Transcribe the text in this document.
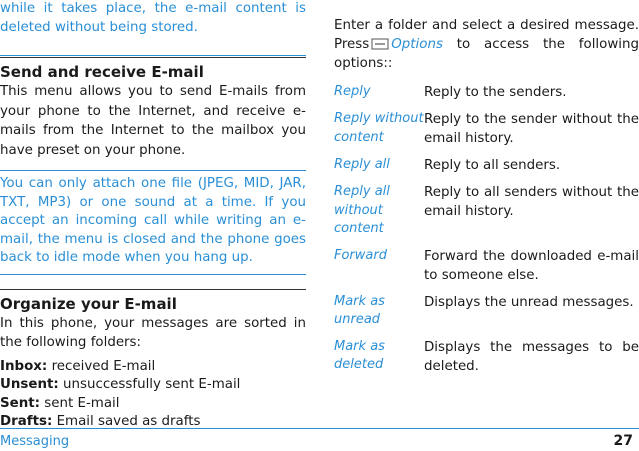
while it takes place, the e-mail content is deleted without being stored.

Send and receive E-mail

This menu allows you to send E-mails from your phone to the Internet, and receive e-mails from the Internet to the mailbox you have preset on your phone.

You can only attach one file (JPEG, MID, JAR, TXT, MP3) or one sound at a time. If you accept an incoming call while writing an e-mail, the menu is closed and the phone goes back to idle mode when you hang up.

Organize your E-mail

In this phone, your messages are sorted in the following folders:

Inbox: received E-mail
Unsent: unsuccessfully sent E-mail
Sent: sent E-mail
Drafts: Email saved as drafts

Enter a folder and select a desired message. Press Options to access the following options::

Reply	Reply to the senders.
Reply without content	Reply to the sender without the email history.
Reply all	Reply to all senders.
Reply all without content	Reply to all senders without the email history.
Forward	Forward the downloaded e-mail to someone else.
Mark as unread	Displays the unread messages.
Mark as deleted	Displays the messages to be deleted.
Messaging	27
